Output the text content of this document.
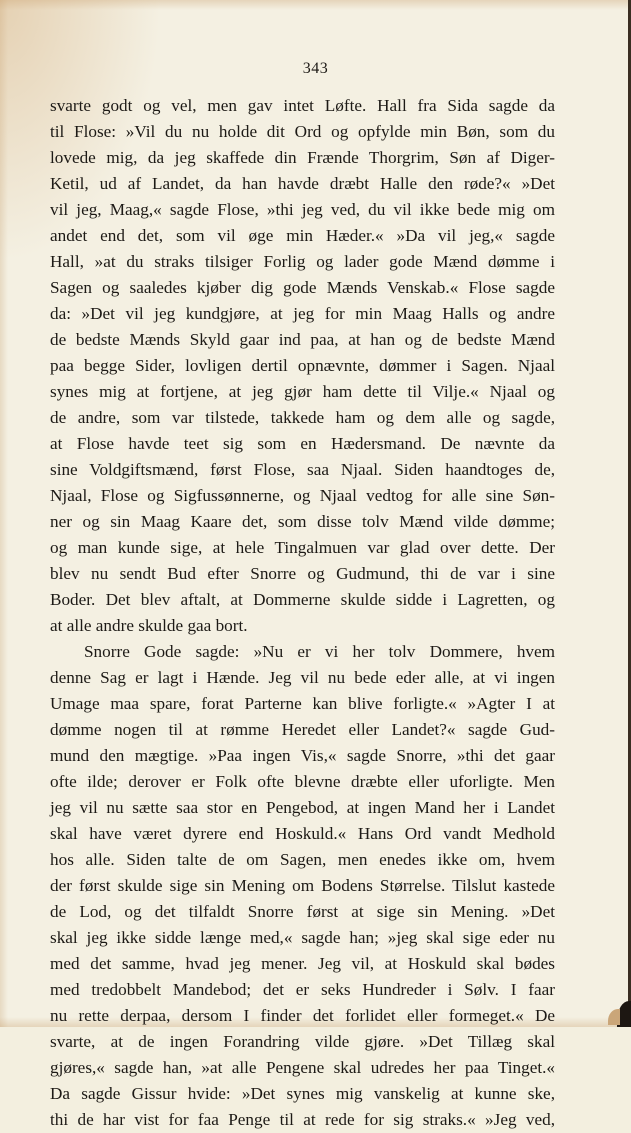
343
svarte godt og vel, men gav intet Løfte. Hall fra Sida sagde da
til Flose: »Vil du nu holde dit Ord og opfylde min Bøn, som du
lovede mig, da jeg skaffede din Frænde Thorgrim, Søn af Diger-
Ketil, ud af Landet, da han havde dræbt Halle den røde?« »Det
vil jeg, Maag,« sagde Flose, »thi jeg ved, du vil ikke bede mig om
andet end det, som vil øge min Hæder.« »Da vil jeg,« sagde
Hall, »at du straks tilsiger Forlig og lader gode Mænd dømme i
Sagen og saaledes kjøber dig gode Mænds Venskab.« Flose sagde
da: »Det vil jeg kundgjøre, at jeg for min Maag Halls og andre
de bedste Mænds Skyld gaar ind paa, at han og de bedste Mænd
paa begge Sider, lovligen dertil opnævnte, dømmer i Sagen. Njaal
synes mig at fortjene, at jeg gjør ham dette til Vilje.« Njaal og
de andre, som var tilstede, takkede ham og dem alle og sagde,
at Flose havde teet sig som en Hædersmand. De nævnte da
sine Voldgiftsmænd, først Flose, saa Njaal. Siden haandtoges de,
Njaal, Flose og Sigfussønnerne, og Njaal vedtog for alle sine Søn-
ner og sin Maag Kaare det, som disse tolv Mænd vilde dømme;
og man kunde sige, at hele Tingalmuen var glad over dette. Der
blev nu sendt Bud efter Snorre og Gudmund, thi de var i sine
Boder. Det blev aftalt, at Dommerne skulde sidde i Lagretten, og
at alle andre skulde gaa bort.
Snorre Gode sagde: »Nu er vi her tolv Dommere, hvem
denne Sag er lagt i Hænde. Jeg vil nu bede eder alle, at vi ingen
Umage maa spare, forat Parterne kan blive forligte.« »Agter I at
dømme nogen til at rømme Heredet eller Landet?« sagde Gud-
mund den mægtige. »Paa ingen Vis,« sagde Snorre, »thi det gaar
ofte ilde; derover er Folk ofte blevne dræbte eller uforligte. Men
jeg vil nu sætte saa stor en Pengebod, at ingen Mand her i Landet
skal have været dyrere end Hoskuld.« Hans Ord vandt Medhold
hos alle. Siden talte de om Sagen, men enedes ikke om, hvem
der først skulde sige sin Mening om Bodens Størrelse. Tilslut kastede
de Lod, og det tilfaldt Snorre først at sige sin Mening. »Det
skal jeg ikke sidde længe med,« sagde han; »jeg skal sige eder nu
med det samme, hvad jeg mener. Jeg vil, at Hoskuld skal bødes
med tredobbelt Mandebod; det er seks Hundreder i Sølv. I faar
nu rette derpaa, dersom I finder det forlidet eller formeget.« De
svarte, at de ingen Forandring vilde gjøre. »Det Tillæg skal
gjøres,« sagde han, »at alle Pengene skal udredes her paa Tinget.«
Da sagde Gissur hvide: »Det synes mig vanskelig at kunne ske,
thi de har vist for faa Penge til at rede for sig straks.« »Jeg ved,
